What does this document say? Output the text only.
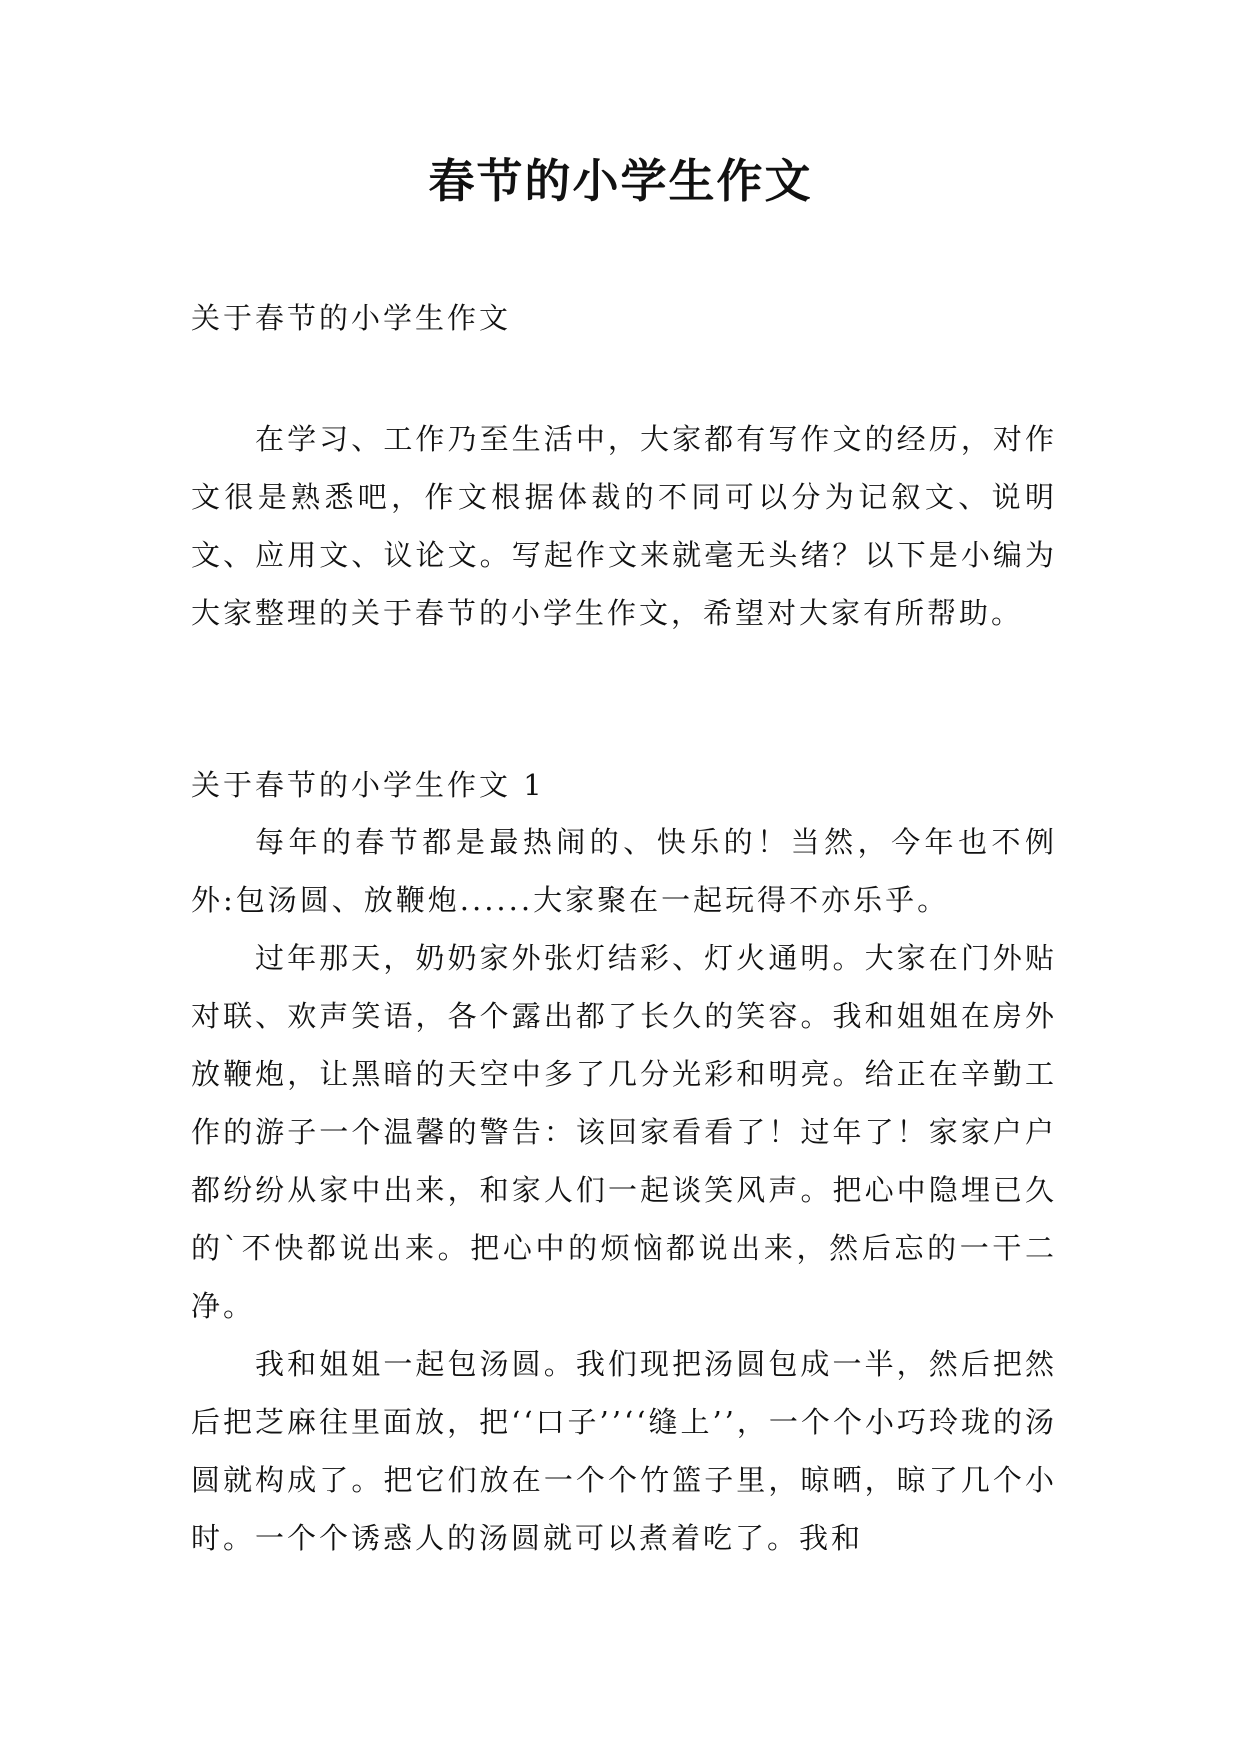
春节的小学生作文
关于春节的小学生作文

在学习、工作乃至生活中，大家都有写作文的经历，对作文很是熟悉吧，作文根据体裁的不同可以分为记叙文、说明文、应用文、议论文。写起作文来就毫无头绪？以下是小编为大家整理的关于春节的小学生作文，希望对大家有所帮助。

关于春节的小学生作文 1

每年的春节都是最热闹的、快乐的！当然，今年也不例外:包汤圆、放鞭炮......大家聚在一起玩得不亦乐乎。

过年那天，奶奶家外张灯结彩、灯火通明。大家在门外贴对联、欢声笑语，各个露出都了长久的笑容。我和姐姐在房外放鞭炮，让黑暗的天空中多了几分光彩和明亮。给正在辛勤工作的游子一个温馨的警告：该回家看看了！过年了！家家户户都纷纷从家中出来，和家人们一起谈笑风声。把心中隐埋已久的`不快都说出来。把心中的烦恼都说出来，然后忘的一干二净。

我和姐姐一起包汤圆。我们现把汤圆包成一半，然后把然后把芝麻往里面放，把‘‘口子’’‘‘缝上’’，一个个小巧玲珑的汤圆就构成了。把它们放在一个个竹篮子里，晾晒，晾了几个小时。一个个诱惑人的汤圆就可以煮着吃了。我和
